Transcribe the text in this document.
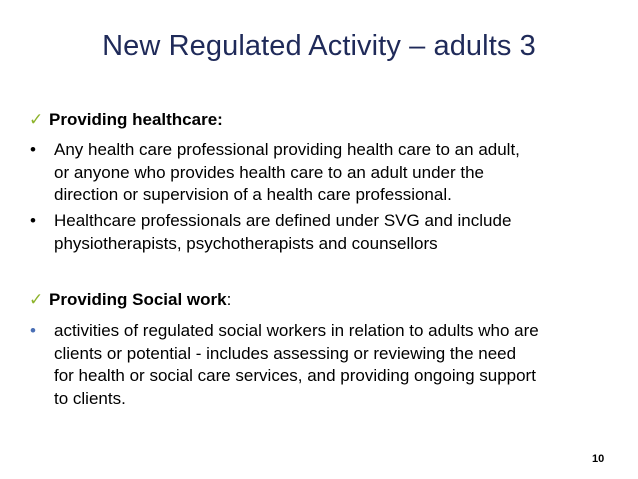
New Regulated Activity – adults 3
✓ Providing healthcare:
• Any health care professional providing health care to an adult,
or anyone who provides health care to an adult under the
direction or supervision of a health care professional.
• Healthcare professionals are defined under SVG and include
physiotherapists, psychotherapists and counsellors
✓ Providing Social work:
• activities of regulated social workers in relation to adults who are
clients or potential - includes assessing or reviewing the need
for health or social care services, and providing ongoing support
to clients.
10
